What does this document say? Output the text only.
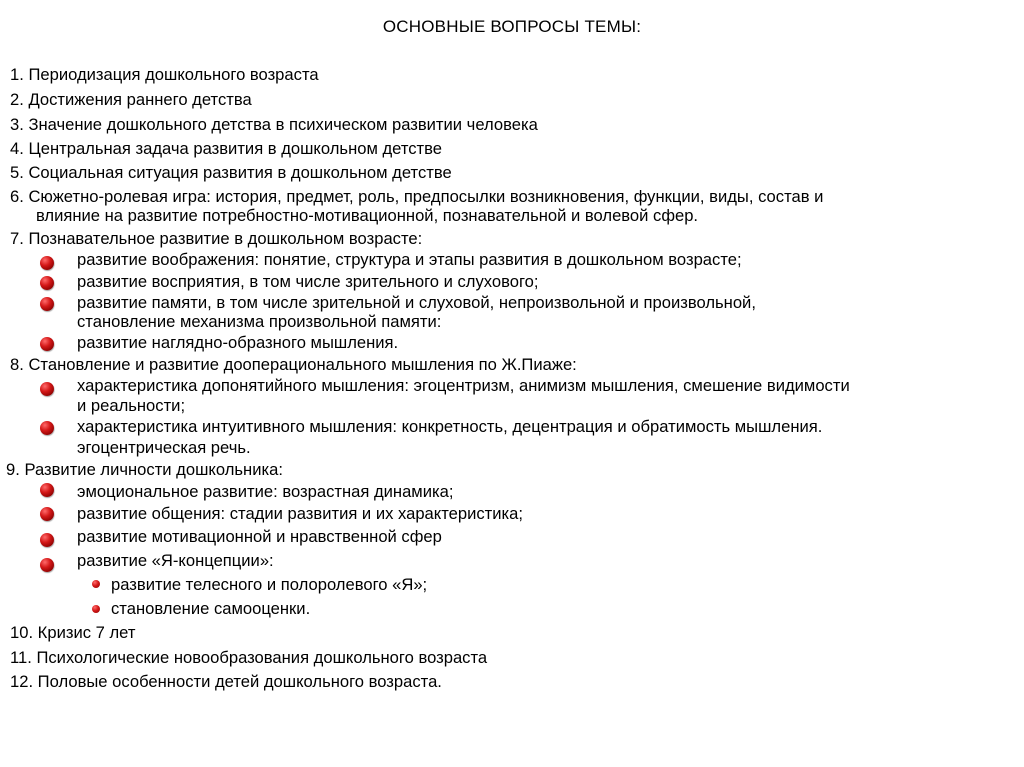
ОСНОВНЫЕ ВОПРОСЫ ТЕМЫ:
1. Периодизация дошкольного возраста
2. Достижения раннего детства
3. Значение дошкольного детства в психическом развитии человека
4. Центральная задача развития в дошкольном детстве
5. Социальная ситуация развития в дошкольном детстве
6. Сюжетно-ролевая игра: история, предмет, роль, предпосылки возникновения, функции, виды, состав и
влияние на развитие потребностно-мотивационной, познавательной и волевой сфер.
7. Познавательное развитие в дошкольном возрасте:
развитие воображения: понятие, структура и этапы развития в дошкольном возрасте;
развитие восприятия, в том числе зрительного и слухового;
развитие памяти, в том числе зрительной и слуховой, непроизвольной и произвольной,
становление механизма произвольной памяти:
развитие наглядно-образного мышления.
8. Становление и развитие дооперационального мышления по Ж.Пиаже:
характеристика допонятийного мышления: эгоцентризм, анимизм мышления, смешение видимости
и реальности;
характеристика интуитивного мышления: конкретность, децентрация и обратимость мышления.
эгоцентрическая речь.
9. Развитие личности дошкольника:
эмоциональное развитие: возрастная динамика;
развитие общения: стадии развития и их характеристика;
развитие мотивационной и нравственной сфер
развитие «Я-концепции»:
развитие телесного и полоролевого «Я»;
становление самооценки.
10. Кризис 7 лет
11. Психологические новообразования дошкольного возраста
12. Половые особенности детей дошкольного возраста.
